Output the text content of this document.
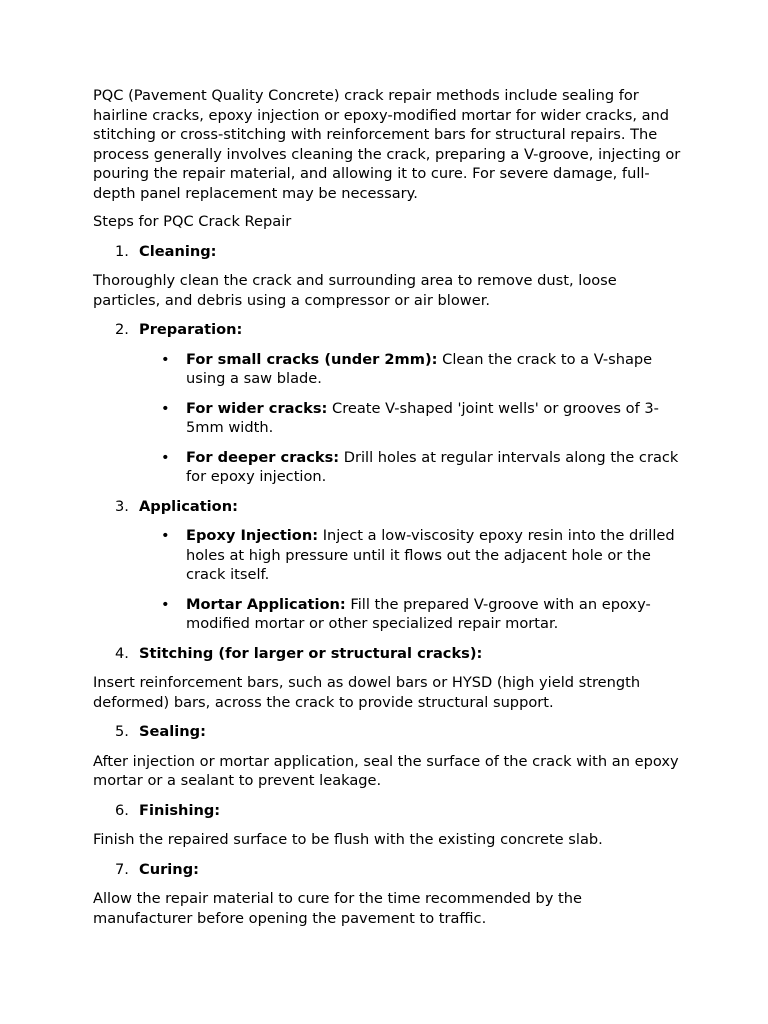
PQC (Pavement Quality Concrete) crack repair methods include sealing for hairline cracks, epoxy injection or epoxy-modified mortar for wider cracks, and stitching or cross-stitching with reinforcement bars for structural repairs. The process generally involves cleaning the crack, preparing a V-groove, injecting or pouring the repair material, and allowing it to cure. For severe damage, full-depth panel replacement may be necessary.

Steps for PQC Crack Repair

1. Cleaning:

Thoroughly clean the crack and surrounding area to remove dust, loose particles, and debris using a compressor or air blower.

2. Preparation:
• For small cracks (under 2mm): Clean the crack to a V-shape using a saw blade.
• For wider cracks: Create V-shaped 'joint wells' or grooves of 3-5mm width.
• For deeper cracks: Drill holes at regular intervals along the crack for epoxy injection.
3. Application:
• Epoxy Injection: Inject a low-viscosity epoxy resin into the drilled holes at high pressure until it flows out the adjacent hole or the crack itself.
• Mortar Application: Fill the prepared V-groove with an epoxy-modified mortar or other specialized repair mortar.
4. Stitching (for larger or structural cracks):

Insert reinforcement bars, such as dowel bars or HYSD (high yield strength deformed) bars, across the crack to provide structural support.

5. Sealing:

After injection or mortar application, seal the surface of the crack with an epoxy mortar or a sealant to prevent leakage.

6. Finishing:

Finish the repaired surface to be flush with the existing concrete slab.

7. Curing:

Allow the repair material to cure for the time recommended by the manufacturer before opening the pavement to traffic.
